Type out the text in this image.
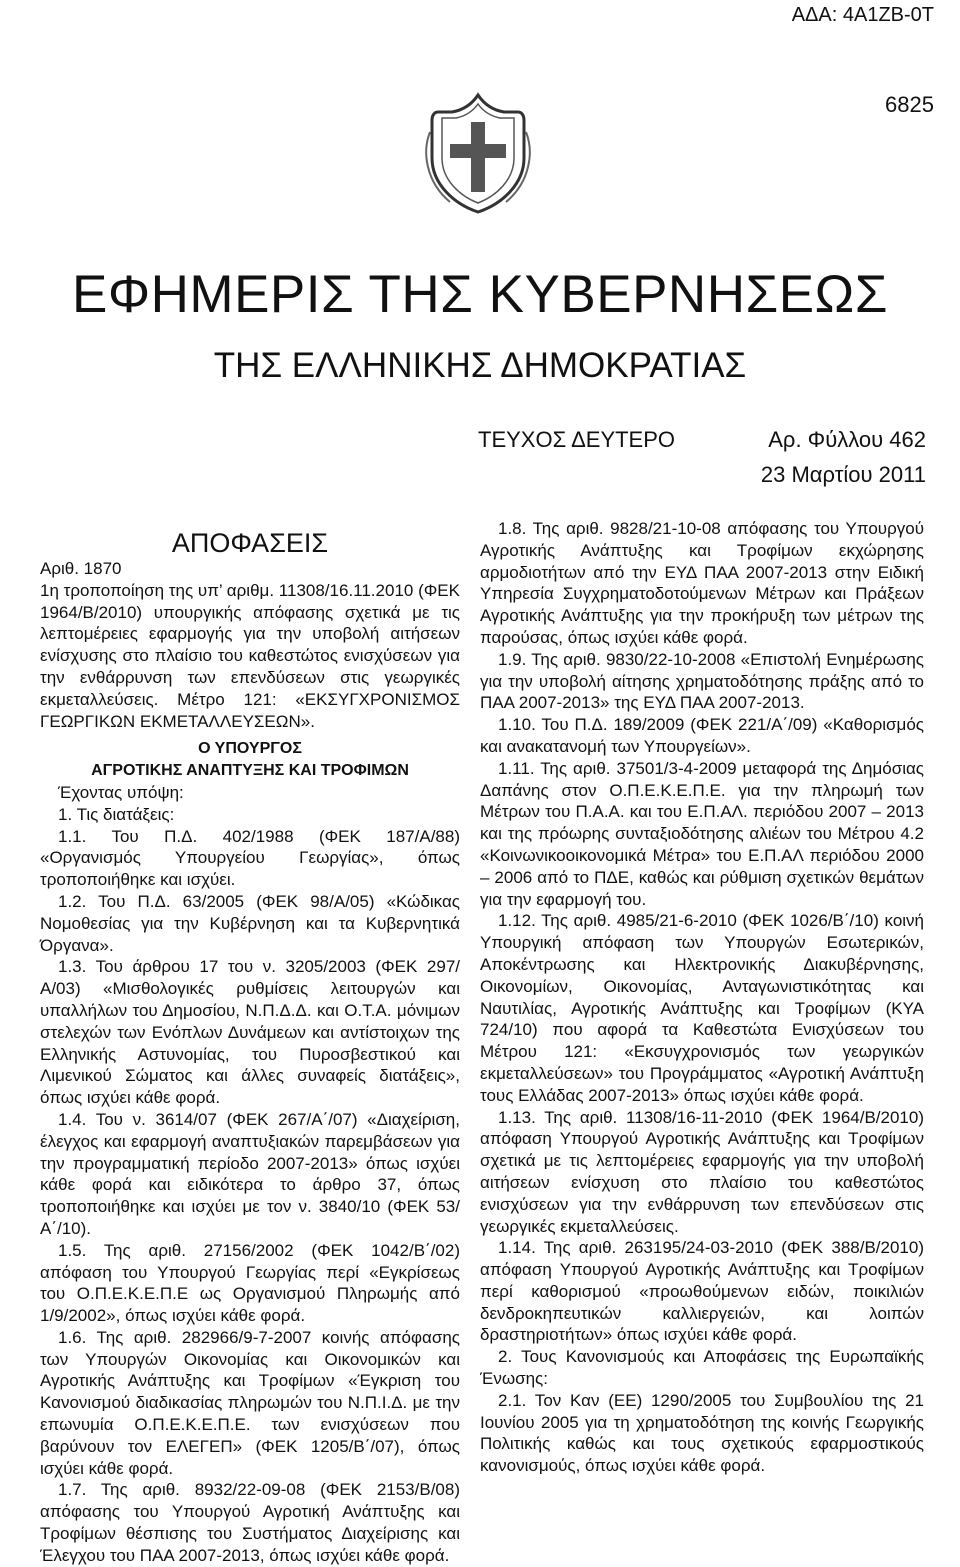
ΑΔΑ: 4Α1ΖΒ-0Τ
6825
ΕΦΗΜΕΡΙΣ ΤΗΣ ΚΥΒΕΡΝΗΣΕΩΣ
ΤΗΣ ΕΛΛΗΝΙΚΗΣ ΔΗΜΟΚΡΑΤΙΑΣ
ΤΕΥΧΟΣ ΔΕΥΤΕΡΟ	Αρ. Φύλλου 462
23 Μαρτίου 2011

ΑΠΟΦΑΣΕΙΣ

Αριθ. 1870

1η τροποποίηση της υπ’ αριθμ. 11308/16.11.2010 (ΦΕΚ 1964/Β/2010) υπουργικής απόφασης σχετικά με τις λεπτομέρειες εφαρμογής για την υποβολή αιτήσεων ενίσχυσης στο πλαίσιο του καθεστώτος ενισχύσεων για την ενθάρρυνση των επενδύσεων στις γεωργικές εκμεταλλεύσεις. Μέτρο 121: «ΕΚΣΥΓΧΡΟΝΙΣΜΟΣ ΓΕΩΡΓΙΚΩΝ ΕΚΜΕΤΑΛΛΕΥΣΕΩΝ».

Ο ΥΠΟΥΡΓΟΣ

ΑΓΡΟΤΙΚΗΣ ΑΝΑΠΤΥΞΗΣ ΚΑΙ ΤΡΟΦΙΜΩΝ

Έχοντας υπόψη:

1. Τις διατάξεις:

1.1. Του Π.Δ. 402/1988 (ΦΕΚ 187/Α/88) «Οργανισμός Υπουργείου Γεωργίας», όπως τροποποιήθηκε και ισχύει.

1.2. Του Π.Δ. 63/2005 (ΦΕΚ 98/Α/05) «Κώδικας Νομοθεσίας για την Κυβέρνηση και τα Κυβερνητικά Όργανα».

1.3. Του άρθρου 17 του ν. 3205/2003 (ΦΕΚ 297/Α/03) «Μισθολογικές ρυθμίσεις λειτουργών και υπαλλήλων του Δημοσίου, Ν.Π.Δ.Δ. και Ο.Τ.Α. μόνιμων στελεχών των Ενόπλων Δυνάμεων και αντίστοιχων της Ελληνικής Αστυνομίας, του Πυροσβεστικού και Λιμενικού Σώματος και άλλες συναφείς διατάξεις», όπως ισχύει κάθε φορά.

1.4. Του ν. 3614/07 (ΦΕΚ 267/Α΄/07) «Διαχείριση, έλεγχος και εφαρμογή αναπτυξιακών παρεμβάσεων για την προγραμματική περίοδο 2007-2013» όπως ισχύει κάθε φορά και ειδικότερα το άρθρο 37, όπως τροποποιήθηκε και ισχύει με τον ν. 3840/10 (ΦΕΚ 53/Α΄/10).

1.5. Της αριθ. 27156/2002 (ΦΕΚ 1042/Β΄/02) απόφαση του Υπουργού Γεωργίας περί «Εγκρίσεως του Ο.Π.Ε.Κ.Ε.Π.Ε ως Οργανισμού Πληρωμής από 1/9/2002», όπως ισχύει κάθε φορά.

1.6. Της αριθ. 282966/9-7-2007 κοινής απόφασης των Υπουργών Οικονομίας και Οικονομικών και Αγροτικής Ανάπτυξης και Τροφίμων «Έγκριση του Κανονισμού διαδικασίας πληρωμών του Ν.Π.Ι.Δ. με την επωνυμία Ο.Π.Ε.Κ.Ε.Π.Ε. των ενισχύσεων που βαρύνουν τον ΕΛΕΓΕΠ» (ΦΕΚ 1205/Β΄/07), όπως ισχύει κάθε φορά.

1.7. Της αριθ. 8932/22-09-08 (ΦΕΚ 2153/Β/08) απόφασης του Υπουργού Αγροτική Ανάπτυξης και Τροφίμων θέσπισης του Συστήματος Διαχείρισης και Έλεγχου του ΠΑΑ 2007-2013, όπως ισχύει κάθε φορά.

1.8. Της αριθ. 9828/21-10-08 απόφασης του Υπουργού Αγροτικής Ανάπτυξης και Τροφίμων εκχώρησης αρμοδιοτήτων από την ΕΥΔ ΠΑΑ 2007-2013 στην Ειδική Υπηρεσία Συγχρηματοδοτούμενων Μέτρων και Πράξεων Αγροτικής Ανάπτυξης για την προκήρυξη των μέτρων της παρούσας, όπως ισχύει κάθε φορά.

1.9. Της αριθ. 9830/22-10-2008 «Επιστολή Ενημέρωσης για την υποβολή αίτησης χρηματοδότησης πράξης από το ΠΑΑ 2007-2013» της ΕΥΔ ΠΑΑ 2007-2013.

1.10. Του Π.Δ. 189/2009 (ΦΕΚ 221/Α΄/09) «Καθορισμός και ανακατανομή των Υπουργείων».

1.11. Της αριθ. 37501/3-4-2009 μεταφορά της Δημόσιας Δαπάνης στον Ο.Π.Ε.Κ.Ε.Π.Ε. για την πληρωμή των Μέτρων του Π.Α.Α. και του Ε.Π.ΑΛ. περιόδου 2007 – 2013 και της πρόωρης συνταξιοδότησης αλιέων του Μέτρου 4.2 «Κοινωνικοοικονομικά Μέτρα» του Ε.Π.ΑΛ περιόδου 2000 – 2006 από το ΠΔΕ, καθώς και ρύθμιση σχετικών θεμάτων για την εφαρμογή του.

1.12. Της αριθ. 4985/21-6-2010 (ΦΕΚ 1026/Β΄/10) κοινή Υπουργική απόφαση των Υπουργών Εσωτερικών, Αποκέντρωσης και Ηλεκτρονικής Διακυβέρνησης, Οικονομίων, Οικονομίας, Ανταγωνιστικότητας και Ναυτιλίας, Αγροτικής Ανάπτυξης και Τροφίμων (ΚΥΑ 724/10) που αφορά τα Καθεστώτα Ενισχύσεων του Μέτρου 121: «Εκσυγχρονισμός των γεωργικών εκμεταλλεύσεων» του Προγράμματος «Αγροτική Ανάπτυξη τους Ελλάδας 2007-2013» όπως ισχύει κάθε φορά.

1.13. Της αριθ. 11308/16-11-2010 (ΦΕΚ 1964/Β/2010) απόφαση Υπουργού Αγροτικής Ανάπτυξης και Τροφίμων σχετικά με τις λεπτομέρειες εφαρμογής για την υποβολή αιτήσεων ενίσχυση στο πλαίσιο του καθεστώτος ενισχύσεων για την ενθάρρυνση των επενδύσεων στις γεωργικές εκμεταλλεύσεις.

1.14. Της αριθ. 263195/24-03-2010 (ΦΕΚ 388/Β/2010) απόφαση Υπουργού Αγροτικής Ανάπτυξης και Τροφίμων περί καθορισμού «προωθούμενων ειδών, ποικιλιών δενδροκηπευτικών καλλιεργειών, και λοιπών δραστηριοτήτων» όπως ισχύει κάθε φορά.

2. Τους Κανονισμούς και Αποφάσεις της Ευρωπαϊκής Ένωσης:

2.1. Τον Καν (ΕΕ) 1290/2005 του Συμβουλίου της 21 Ιουνίου 2005 για τη χρηματοδότηση της κοινής Γεωργικής Πολιτικής καθώς και τους σχετικούς εφαρμοστικούς κανονισμούς, όπως ισχύει κάθε φορά.
